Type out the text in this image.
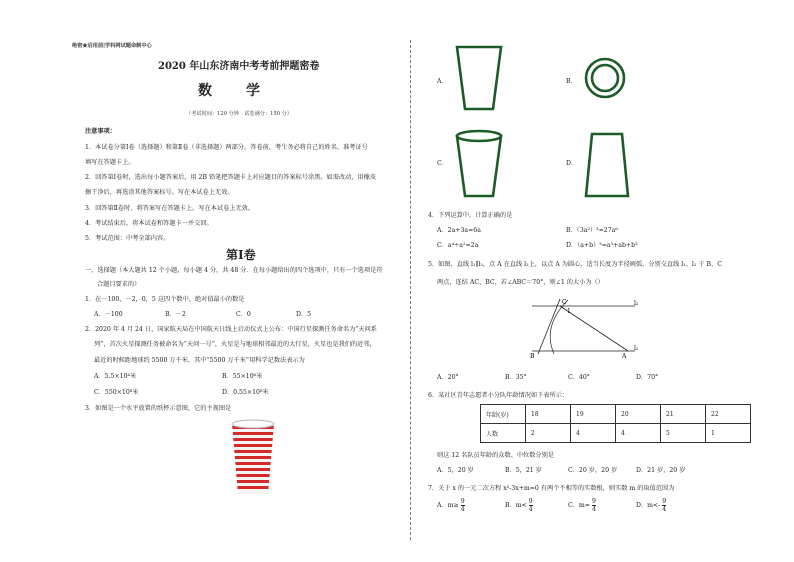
绝密★启用前|学科网试题命制中心
2020 年山东济南中考考前押题密卷
数　学
（考试时间：120 分钟　试卷满分：150 分）
注意事项：
1．本试卷分第Ⅰ卷（选择题）和第Ⅱ卷（非选择题）两部分。答卷前，考生务必将自己的姓名、准考证号
填写在答题卡上。
2．回答第Ⅰ卷时，选出每小题答案后，用 2B 铅笔把答题卡上对应题目的答案标号涂黑。如需改动，用橡皮
擦干净后，再选涂其他答案标号。写在本试卷上无效。
3．回答第Ⅱ卷时，将答案写在答题卡上。写在本试卷上无效。
4．考试结束后，将本试卷和答题卡一并交回。
5．考试范围：中考全部内容。
第Ⅰ卷
一、选择题（本大题共 12 个小题，每小题 4 分，共 48 分．在每小题给出的四个选项中，只有一个选项是符
合题目要求的）
1．在－100，－2，0，5 这四个数中，绝对值最小的数是
A．－100	B．－2	C．0	D．5
2．2020 年 4 月 24 日，国家航天局在中国航天日线上启动仪式上公布：中国行星探测任务命名为“天问系
列”，首次火星探测任务被命名为“天问一号”，火星是与地球相邻最近的大行星，火星也是我们的近邻，
最近的时候距地球约 5500 万千米，其中“5500 万千米”用科学记数法表示为
A．5.5×10⁴米	B．55×10⁶米
C．550×10⁸米	D．0.55×10⁸米
3．如图是一个水平放置的纸杯示意图，它的主视图是
A．	B．
C．	D．
4．下列运算中，计算正确的是
A．2a+3a=6a	B．（3a²）³=27a⁶
C．a⁴÷a²=2a	D．（a+b）³=a³+ab+b³
5．如图，直线 l₁∥l₂，点 A 在直线 l₂上，以点 A 为圆心，适当长度为半径画弧，分别交直线 l₁、l₂ 于 B、C
两点，连结 AC、BC，若∠ABC＝70°，则∠1 的大小为（）
C
1
l₂
B	A
l₁
A．20°	B．35°	C．40°	D．70°
6．某社区青年志愿者小分队年龄情况如下表所示：
年龄(岁)	18	19	20	21	22
人数	2	4	4	5	1
则这 12 名队员年龄的众数、中位数分别是
A．5，20 岁	B．5，21 岁	C．20 岁，20 岁	D．21 岁，20 岁
7．关于 x 的一元二次方程 x²-3x+m=0 有两个不相等的实数根，则实数 m 的取值范围为
A．$m\ge \frac{9}{4}$	B．$m< \frac{9}{4}$	C．$m= \frac{9}{4}$	D．$m<- \frac{9}{4}$
